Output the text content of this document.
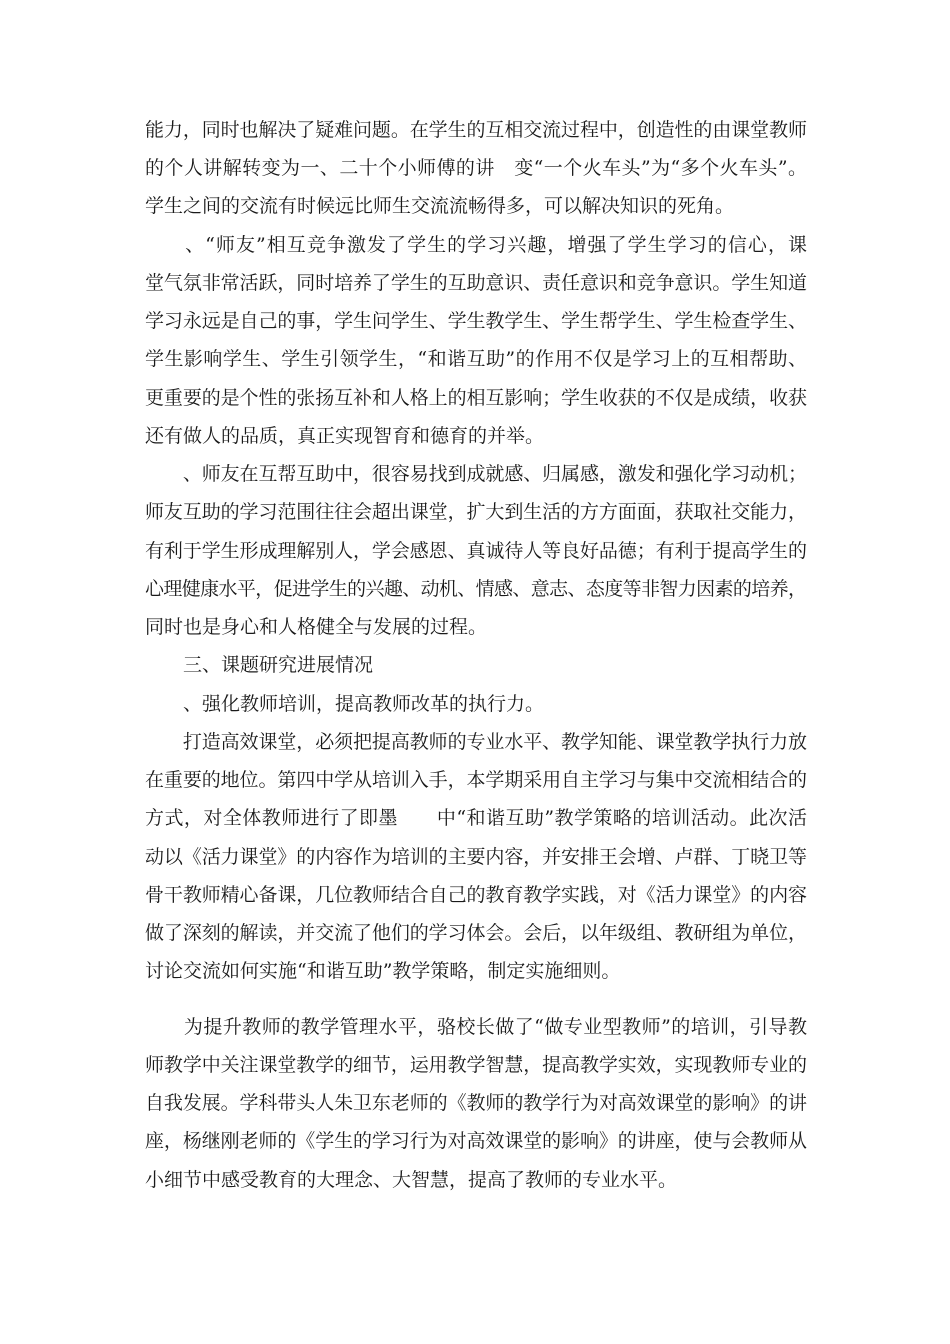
能力，同时也解决了疑难问题。在学生的互相交流过程中，创造性的由课堂教师
的个人讲解转变为一、二十个小师傅的讲　变“一个火车头”为“多个火车头”。
学生之间的交流有时候远比师生交流流畅得多，可以解决知识的死角。
　　、“师友”相互竞争激发了学生的学习兴趣，增强了学生学习的信心，课
堂气氛非常活跃，同时培养了学生的互助意识、责任意识和竞争意识。学生知道
学习永远是自己的事，学生问学生、学生教学生、学生帮学生、学生检查学生、
学生影响学生、学生引领学生，“和谐互助”的作用不仅是学习上的互相帮助、
更重要的是个性的张扬互补和人格上的相互影响；学生收获的不仅是成绩，收获
还有做人的品质，真正实现智育和德育的并举。
　　、师友在互帮互助中，很容易找到成就感、归属感，激发和强化学习动机；
师友互助的学习范围往往会超出课堂，扩大到生活的方方面面，获取社交能力，
有利于学生形成理解别人，学会感恩、真诚待人等良好品德；有利于提高学生的
心理健康水平，促进学生的兴趣、动机、情感、意志、态度等非智力因素的培养，
同时也是身心和人格健全与发展的过程。
　　三、课题研究进展情况
　　、强化教师培训，提高教师改革的执行力。
　　打造高效课堂，必须把提高教师的专业水平、教学知能、课堂教学执行力放
在重要的地位。第四中学从培训入手，本学期采用自主学习与集中交流相结合的
方式，对全体教师进行了即墨　　中“和谐互助”教学策略的培训活动。此次活
动以《活力课堂》的内容作为培训的主要内容，并安排王会增、卢群、丁晓卫等
骨干教师精心备课，几位教师结合自己的教育教学实践，对《活力课堂》的内容
做了深刻的解读，并交流了他们的学习体会。会后，以年级组、教研组为单位，
讨论交流如何实施“和谐互助”教学策略，制定实施细则。
　　为提升教师的教学管理水平，骆校长做了“做专业型教师”的培训，引导教
师教学中关注课堂教学的细节，运用教学智慧，提高教学实效，实现教师专业的
自我发展。学科带头人朱卫东老师的《教师的教学行为对高效课堂的影响》的讲
座，杨继刚老师的《学生的学习行为对高效课堂的影响》的讲座，使与会教师从
小细节中感受教育的大理念、大智慧，提高了教师的专业水平。
